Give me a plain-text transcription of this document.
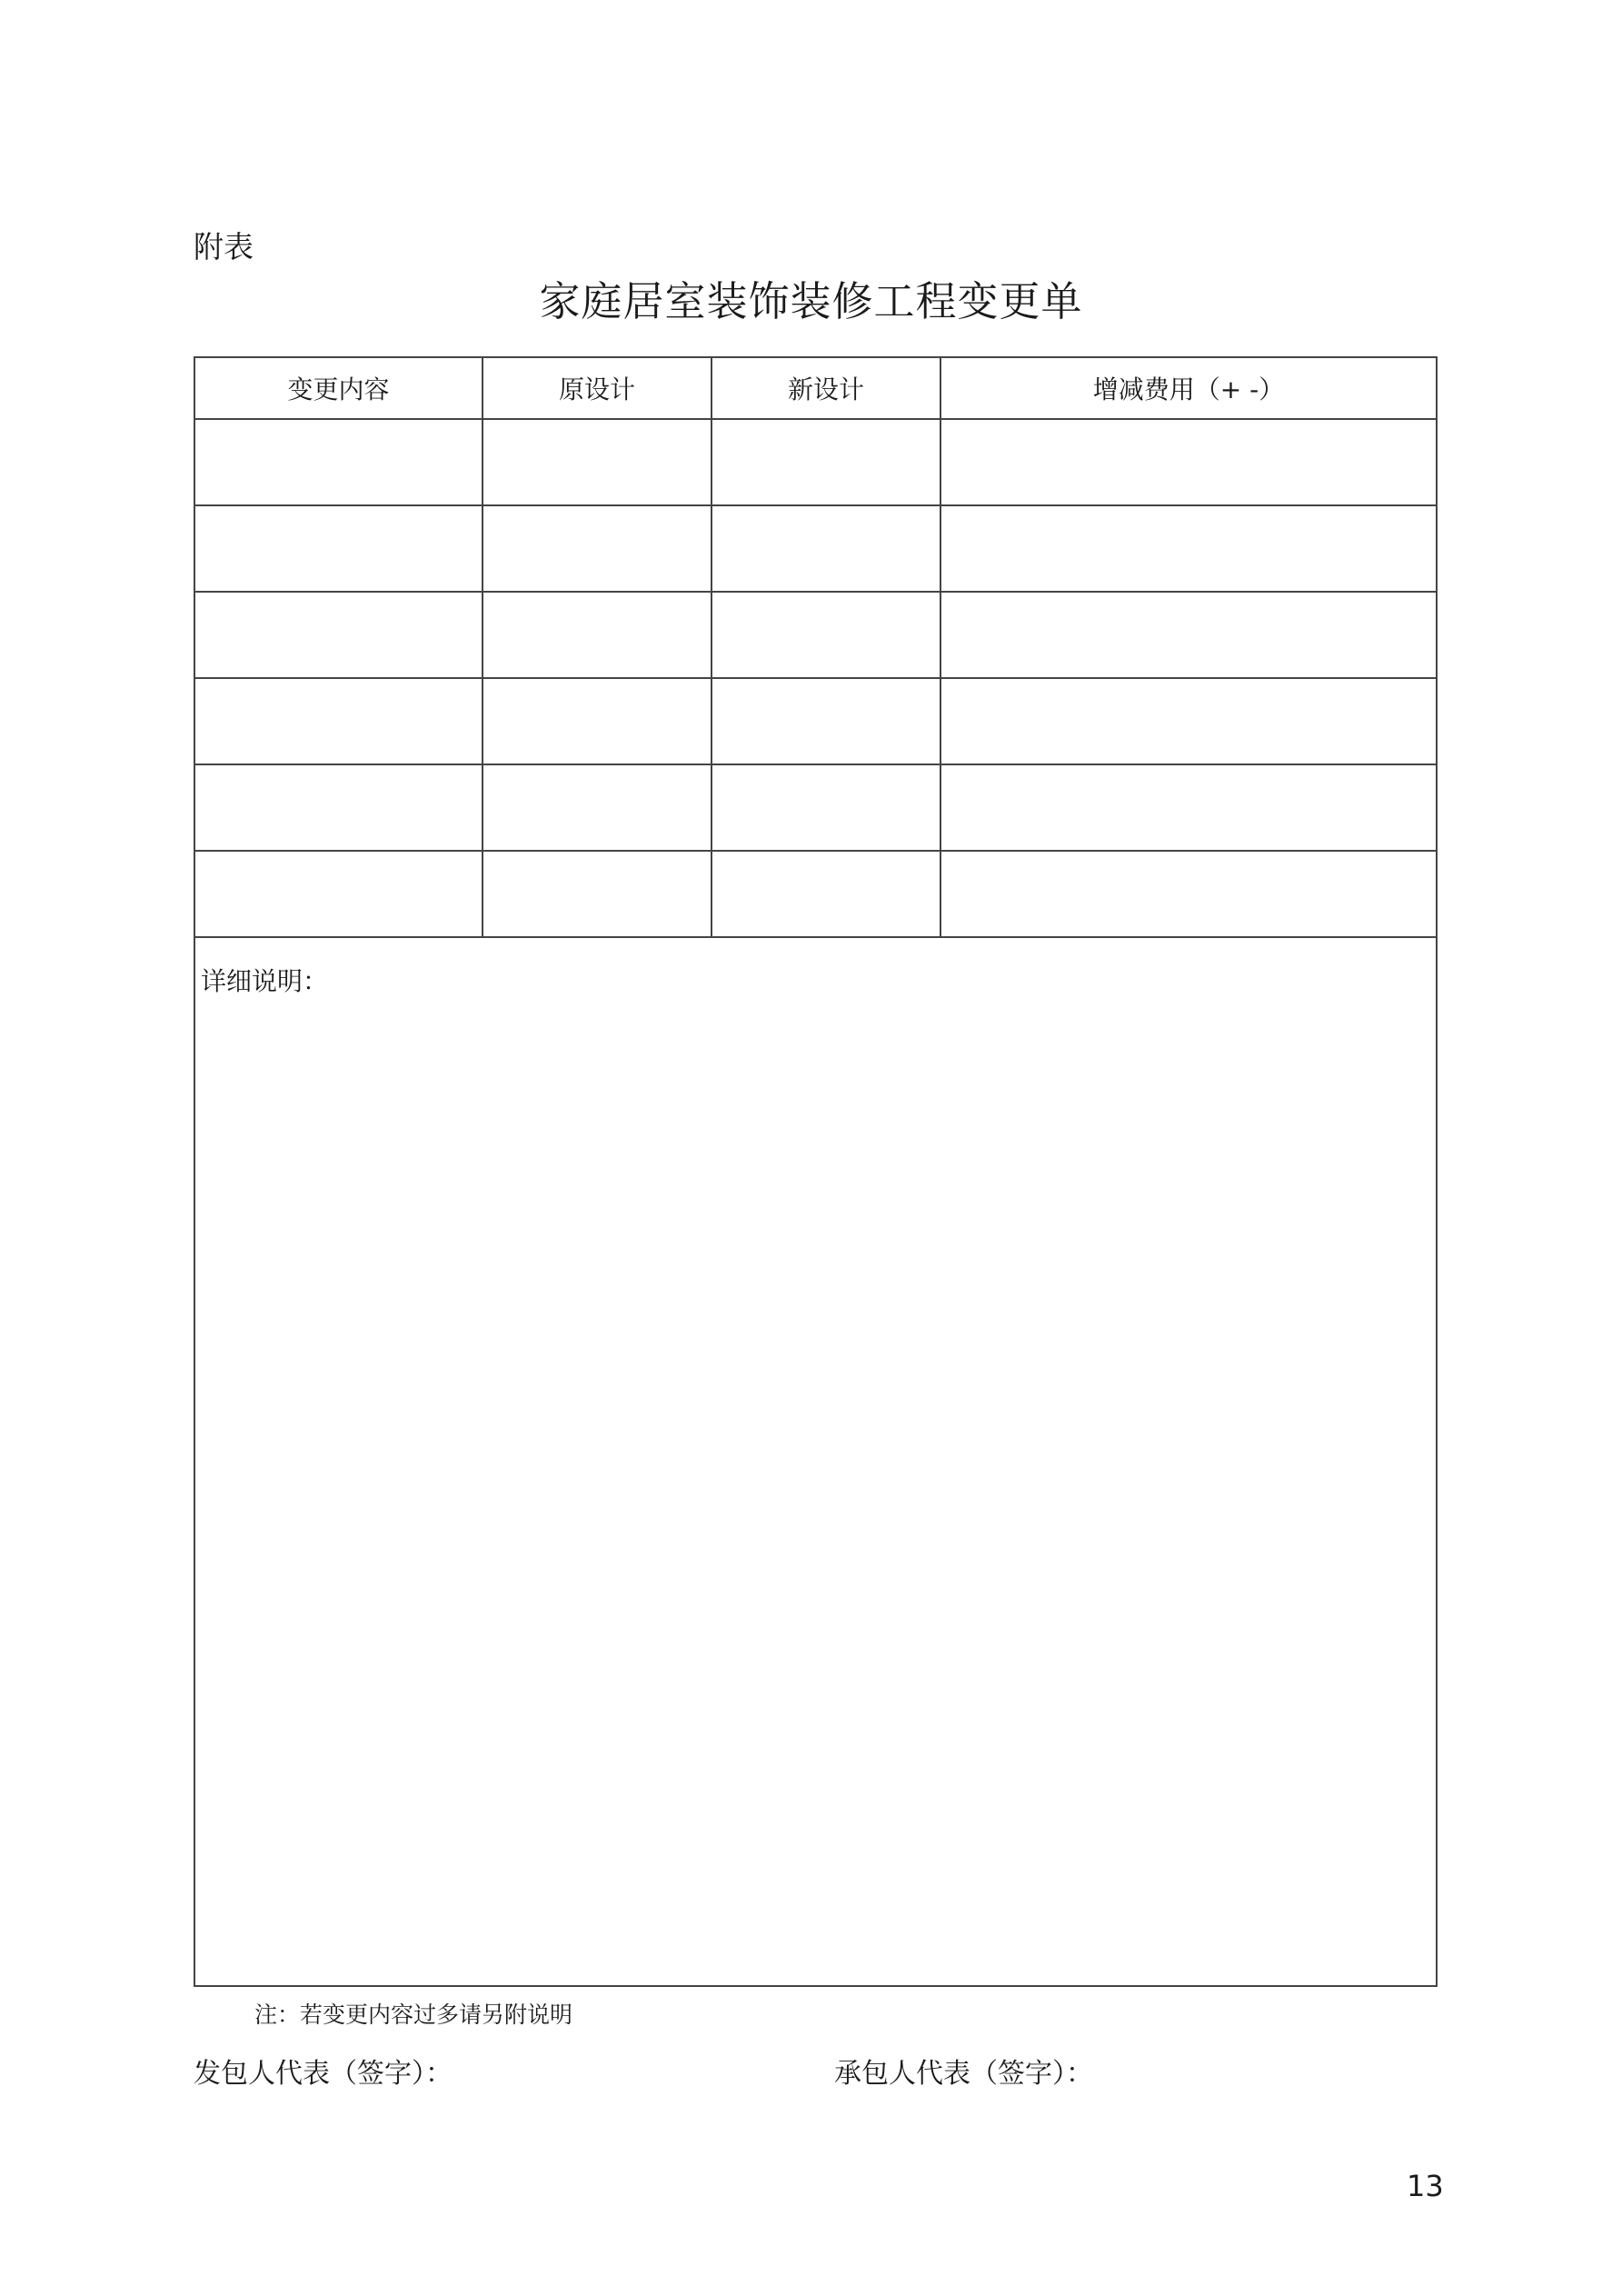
附表
家庭居室装饰装修工程变更单
变更内容	原设计	新设计	增减费用（+ -）

详细说明：			
注：若变更内容过多请另附说明
发包人代表（签字）：	承包人代表（签字）：
13
